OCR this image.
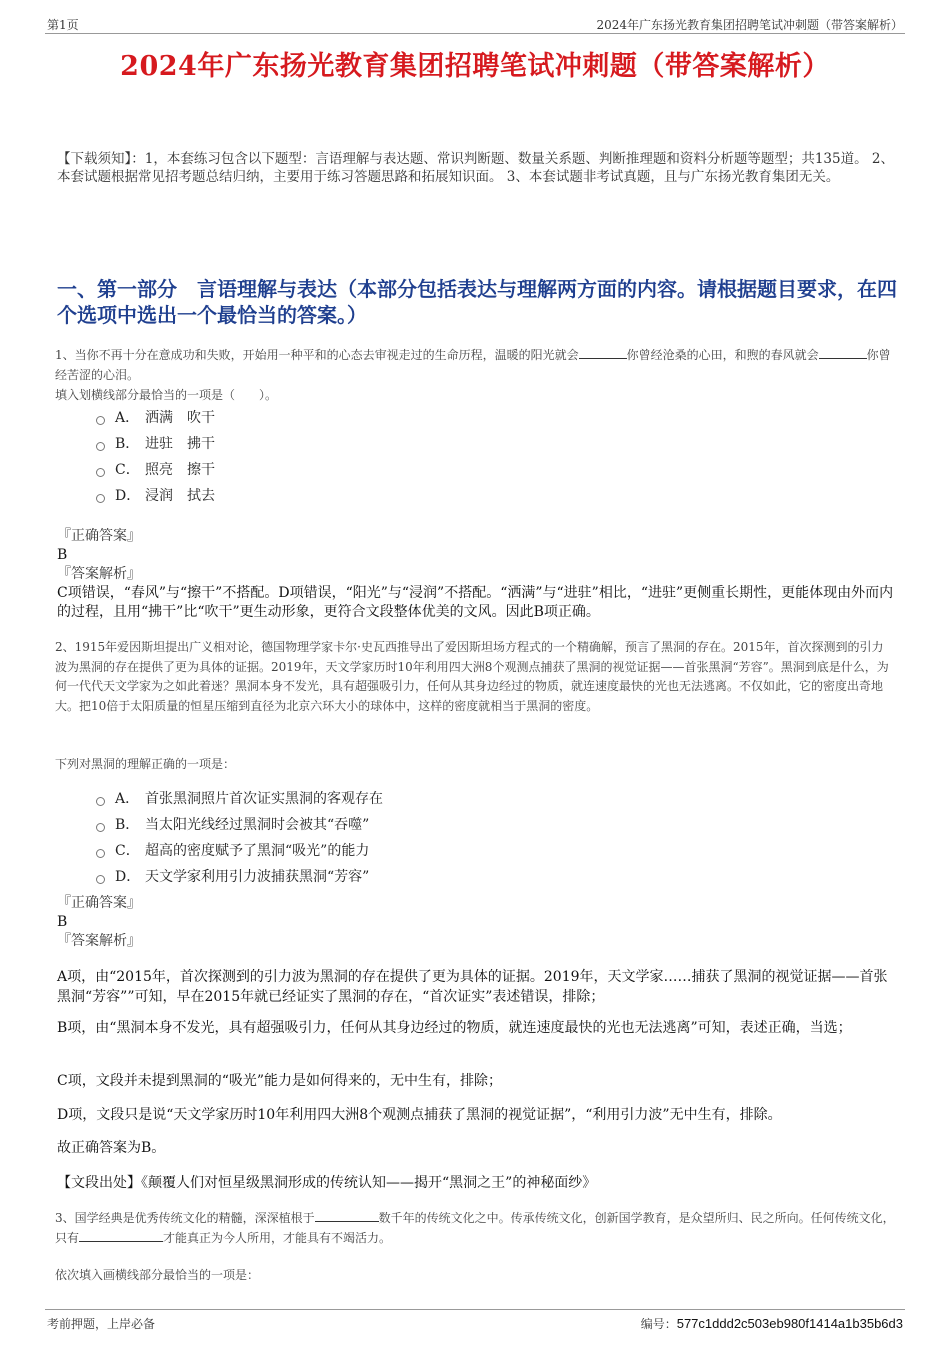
第1页	2024年广东扬光教育集团招聘笔试冲刺题（带答案解析）
2024年广东扬光教育集团招聘笔试冲刺题（带答案解析）

【下载须知】：1，本套练习包含以下题型：言语理解与表达题、常识判断题、数量关系题、判断推理题和资料分析题等题型；共135道。 2、本套试题根据常见招考题总结归纳，主要用于练习答题思路和拓展知识面。 3、本套试题非考试真题，且与广东扬光教育集团无关。

一、第一部分　言语理解与表达（本部分包括表达与理解两方面的内容。请根据题目要求，在四个选项中选出一个最恰当的答案。）
1、当你不再十分在意成功和失败，开始用一种平和的心态去审视走过的生命历程，温暖的阳光就会	你曾经沧桑的心田，和煦的春风就会	你曾经苦涩的心泪。
填入划横线部分最恰当的一项是（　　）。
A． 洒满　吹干
B． 进驻　拂干
C． 照亮　擦干
D． 浸润　拭去

『正确答案』

B

『答案解析』

C项错误，“春风”与“擦干”不搭配。D项错误，“阳光”与“浸润”不搭配。“洒满”与“进驻”相比，“进驻”更侧重长期性，更能体现由外而内的过程，且用“拂干”比“吹干”更生动形象，更符合文段整体优美的文风。因此B项正确。

2、1915年爱因斯坦提出广义相对论，德国物理学家卡尔·史瓦西推导出了爱因斯坦场方程式的一个精确解，预言了黑洞的存在。2015年，首次探测到的引力波为黑洞的存在提供了更为具体的证据。2019年，天文学家历时10年利用四大洲8个观测点捕获了黑洞的视觉证据——首张黑洞“芳容”。黑洞到底是什么，为何一代代天文学家为之如此着迷？黑洞本身不发光，具有超强吸引力，任何从其身边经过的物质，就连速度最快的光也无法逃离。不仅如此，它的密度出奇地大。把10倍于太阳质量的恒星压缩到直径为北京六环大小的球体中，这样的密度就相当于黑洞的密度。
下列对黑洞的理解正确的一项是：
A． 首张黑洞照片首次证实黑洞的客观存在
B． 当太阳光线经过黑洞时会被其“吞噬”
C． 超高的密度赋予了黑洞“吸光”的能力
D． 天文学家利用引力波捕获黑洞“芳容”

『正确答案』

B

『答案解析』

A项，由“2015年，首次探测到的引力波为黑洞的存在提供了更为具体的证据。2019年，天文学家……捕获了黑洞的视觉证据——首张黑洞“芳容””可知，早在2015年就已经证实了黑洞的存在，“首次证实”表述错误，排除；

B项，由“黑洞本身不发光，具有超强吸引力，任何从其身边经过的物质，就连速度最快的光也无法逃离”可知，表述正确，当选；

C项，文段并未提到黑洞的“吸光”能力是如何得来的，无中生有，排除；

D项，文段只是说“天文学家历时10年利用四大洲8个观测点捕获了黑洞的视觉证据”，“利用引力波”无中生有，排除。

故正确答案为B。

【文段出处】《颠覆人们对恒星级黑洞形成的传统认知——揭开“黑洞之王”的神秘面纱》

3、国学经典是优秀传统文化的精髓，深深植根于	数千年的传统文化之中。传承传统文化，创新国学教育，是众望所归、民之所向。任何传统文化，只有	才能真正为今人所用，才能具有不竭活力。
依次填入画横线部分最恰当的一项是：
考前押题，上岸必备	编号：577c1ddd2c503eb980f1414a1b35b6d3
